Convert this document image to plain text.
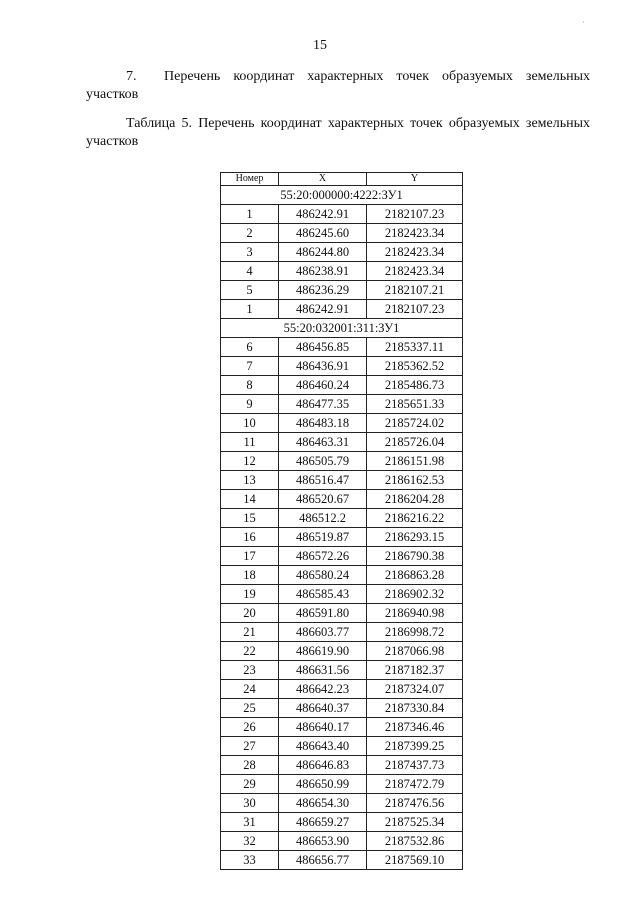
15
7. Перечень координат характерных точек образуемых земельных участков
Таблица 5. Перечень координат характерных точек образуемых земельных участков
Номер	X	Y
55:20:000000:4222:ЗУ1		
1	486242.91	2182107.23
2	486245.60	2182423.34
3	486244.80	2182423.34
4	486238.91	2182423.34
5	486236.29	2182107.21
1	486242.91	2182107.23
55:20:032001:311:ЗУ1		
6	486456.85	2185337.11
7	486436.91	2185362.52
8	486460.24	2185486.73
9	486477.35	2185651.33
10	486483.18	2185724.02
11	486463.31	2185726.04
12	486505.79	2186151.98
13	486516.47	2186162.53
14	486520.67	2186204.28
15	486512.2	2186216.22
16	486519.87	2186293.15
17	486572.26	2186790.38
18	486580.24	2186863.28
19	486585.43	2186902.32
20	486591.80	2186940.98
21	486603.77	2186998.72
22	486619.90	2187066.98
23	486631.56	2187182.37
24	486642.23	2187324.07
25	486640.37	2187330.84
26	486640.17	2187346.46
27	486643.40	2187399.25
28	486646.83	2187437.73
29	486650.99	2187472.79
30	486654.30	2187476.56
31	486659.27	2187525.34
32	486653.90	2187532.86
33	486656.77	2187569.10
·
